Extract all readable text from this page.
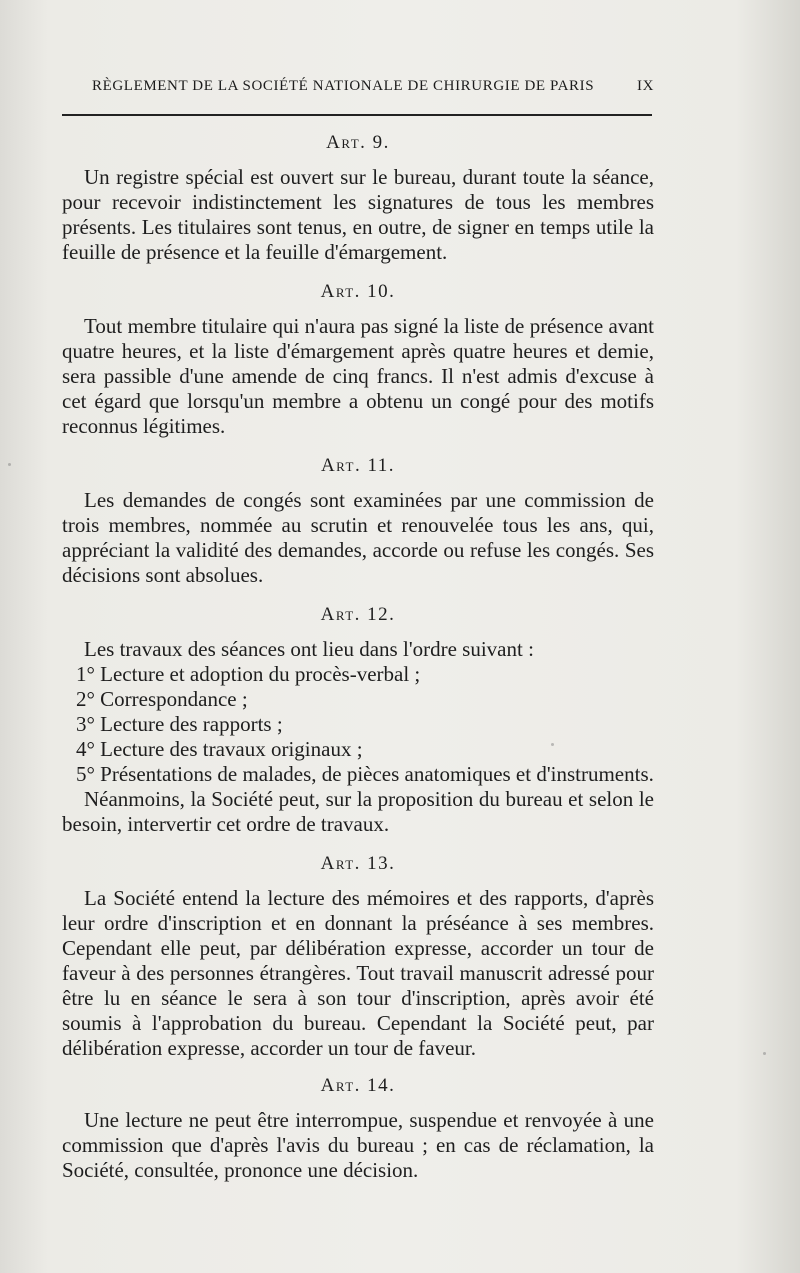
RÈGLEMENT DE LA SOCIÉTÉ NATIONALE DE CHIRURGIE DE PARIS	IX
Art. 9.

Un registre spécial est ouvert sur le bureau, durant toute la séance, pour recevoir indistinctement les signatures de tous les membres présents. Les titulaires sont tenus, en outre, de signer en temps utile la feuille de présence et la feuille d'émargement.

Art. 10.

Tout membre titulaire qui n'aura pas signé la liste de présence avant quatre heures, et la liste d'émargement après quatre heures et demie, sera passible d'une amende de cinq francs. Il n'est admis d'excuse à cet égard que lorsqu'un membre a obtenu un congé pour des motifs reconnus légitimes.

Art. 11.

Les demandes de congés sont examinées par une commission de trois membres, nommée au scrutin et renouvelée tous les ans, qui, appréciant la validité des demandes, accorde ou refuse les congés. Ses décisions sont absolues.

Art. 12.

Les travaux des séances ont lieu dans l'ordre suivant :

1° Lecture et adoption du procès-verbal ;

2° Correspondance ;

3° Lecture des rapports ;

4° Lecture des travaux originaux ;

5° Présentations de malades, de pièces anatomiques et d'instruments.

Néanmoins, la Société peut, sur la proposition du bureau et selon le besoin, intervertir cet ordre de travaux.

Art. 13.

La Société entend la lecture des mémoires et des rapports, d'après leur ordre d'inscription et en donnant la préséance à ses membres. Cependant elle peut, par délibération expresse, accorder un tour de faveur à des personnes étrangères. Tout travail manuscrit adressé pour être lu en séance le sera à son tour d'inscription, après avoir été soumis à l'approbation du bureau. Cependant la Société peut, par délibération expresse, accorder un tour de faveur.

Art. 14.

Une lecture ne peut être interrompue, suspendue et renvoyée à une commission que d'après l'avis du bureau ; en cas de réclamation, la Société, consultée, prononce une décision.
